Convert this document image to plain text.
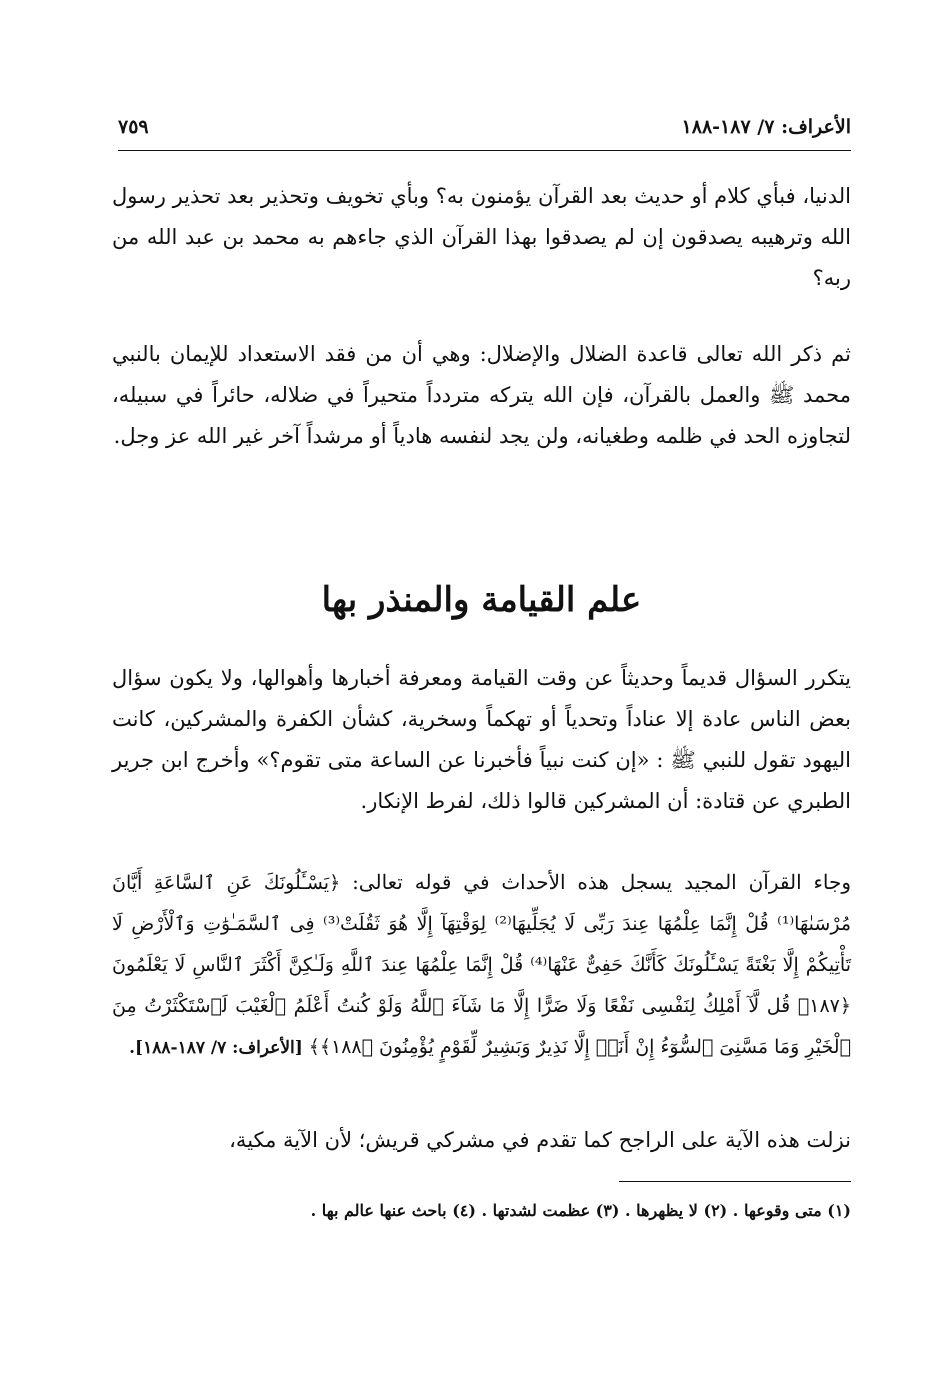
الأعراف: ٧/ ١٨٧-١٨٨
٧٥٩

الدنيا، فبأي كلام أو حديث بعد القرآن يؤمنون به؟ وبأي تخويف وتحذير بعد تحذير رسول الله وترهيبه يصدقون إن لم يصدقوا بهذا القرآن الذي جاءهم به محمد بن عبد الله من ربه؟

ثم ذكر الله تعالى قاعدة الضلال والإضلال: وهي أن من فقد الاستعداد للإيمان بالنبي محمد ﷺ والعمل بالقرآن، فإن الله يتركه متردداً متحيراً في ضلاله، حائراً في سبيله، لتجاوزه الحد في ظلمه وطغيانه، ولن يجد لنفسه هادياً أو مرشداً آخر غير الله عز وجل.

علم القيامة والمنذر بها

يتكرر السؤال قديماً وحديثاً عن وقت القيامة ومعرفة أخبارها وأهوالها، ولا يكون سؤال بعض الناس عادة إلا عناداً وتحدياً أو تهكماً وسخرية، كشأن الكفرة والمشركين، كانت اليهود تقول للنبي ﷺ : «إن كنت نبياً فأخبرنا عن الساعة متى تقوم؟» وأخرج ابن جرير الطبري عن قتادة: أن المشركين قالوا ذلك، لفرط الإنكار.

وجاء القرآن المجيد يسجل هذه الأحداث في قوله تعالى: ﴿يَسْـَٔلُونَكَ عَنِ ٱلسَّاعَةِ أَيَّانَ مُرْسَىٰهَا⁽¹⁾ قُلْ إِنَّمَا عِلْمُهَا عِندَ رَبِّى لَا يُجَلِّيهَا⁽²⁾ لِوَقْتِهَآ إِلَّا هُوَ ثَقُلَتْ⁽³⁾ فِى ٱلسَّمَـٰوَٰتِ وَٱلْأَرْضِ لَا تَأْتِيكُمْ إِلَّا بَغْتَةً يَسْـَٔلُونَكَ كَأَنَّكَ حَفِىٌّ عَنْهَا⁽⁴⁾ قُلْ إِنَّمَا عِلْمُهَا عِندَ ٱللَّهِ وَلَـٰكِنَّ أَكْثَرَ ٱلنَّاسِ لَا يَعْلَمُونَ ﴿١٨٧﴾ قُل لَّآ أَمْلِكُ لِنَفْسِى نَفْعًا وَلَا ضَرًّا إِلَّا مَا شَآءَ ٱللَّهُ وَلَوْ كُنتُ أَعْلَمُ ٱلْغَيْبَ لَٱسْتَكْثَرْتُ مِنَ ٱلْخَيْرِ وَمَا مَسَّنِىَ ٱلسُّوٓءُ إِنْ أَنَا۠ إِلَّا نَذِيرٌ وَبَشِيرٌ لِّقَوْمٍ يُؤْمِنُونَ ﴿١٨٨﴾﴾ [الأعراف: ٧/ ١٨٧-١٨٨].

نزلت هذه الآية على الراجح كما تقدم في مشركي قريش؛ لأن الآية مكية،

(١) متى وقوعها . (٢) لا يظهرها . (٣) عظمت لشدتها . (٤) باحث عنها عالم بها .
